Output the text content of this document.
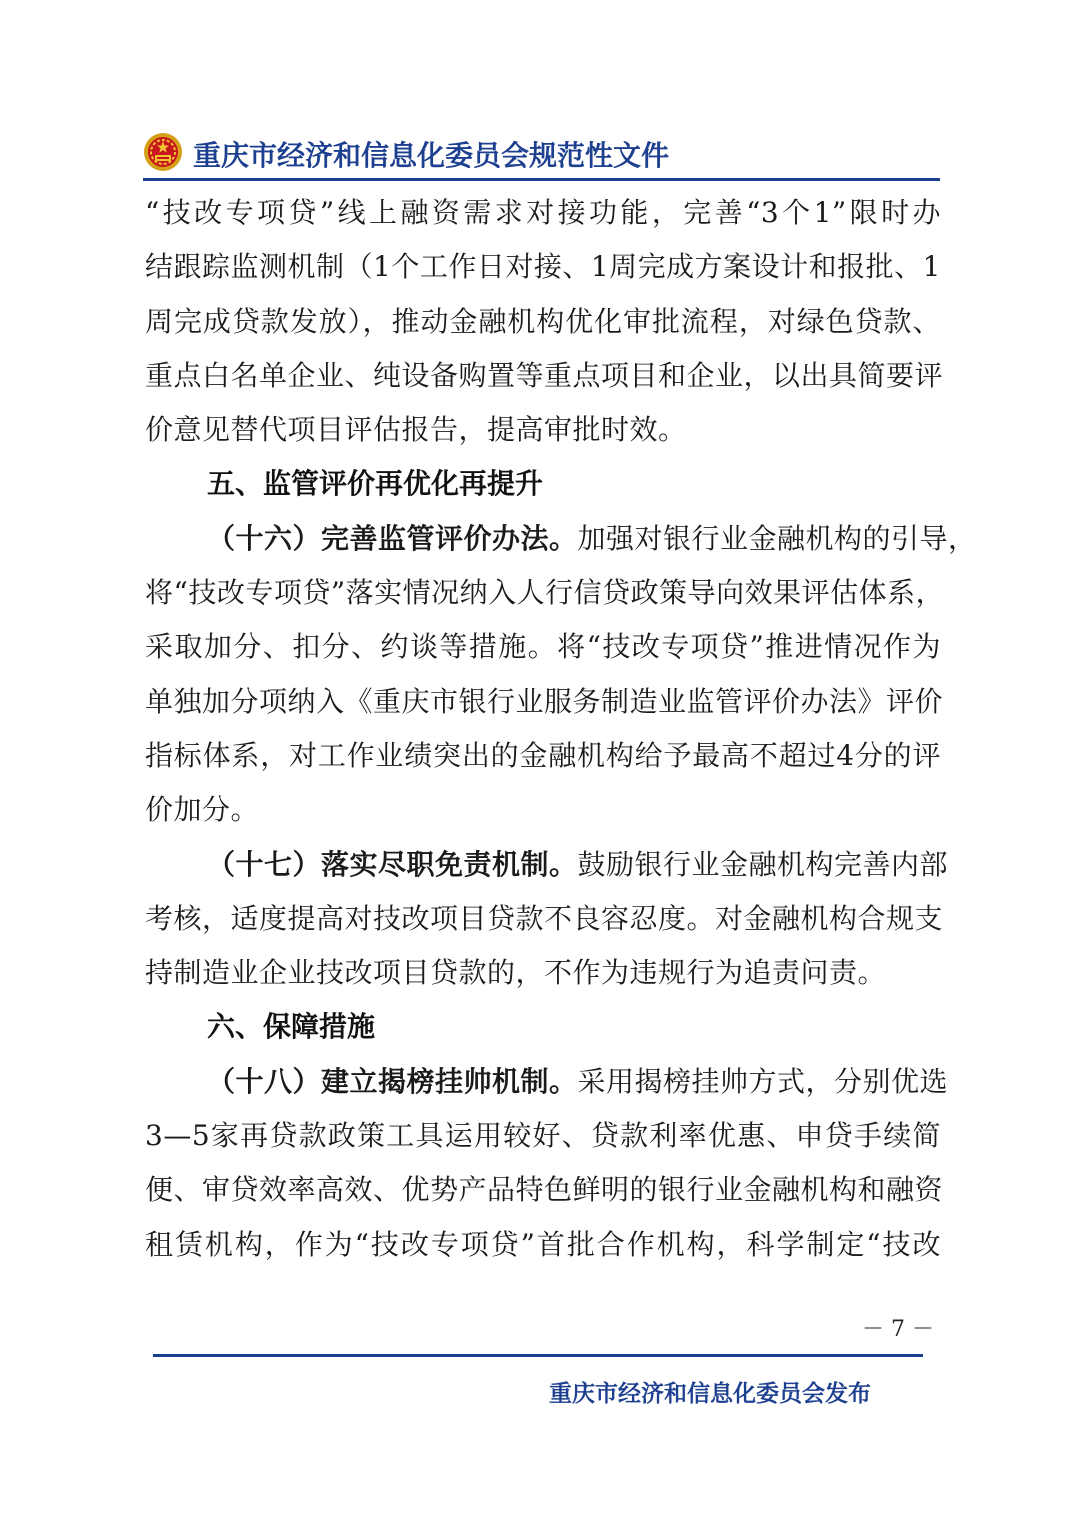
重庆市经济和信息化委员会规范性文件
“技改专项贷”线上融资需求对接功能，完善“3个1”限时办
结跟踪监测机制（1个工作日对接、1周完成方案设计和报批、1
周完成贷款发放），推动金融机构优化审批流程，对绿色贷款、
重点白名单企业、纯设备购置等重点项目和企业，以出具简要评
价意见替代项目评估报告，提高审批时效。
五、监管评价再优化再提升
（十六）完善监管评价办法。加强对银行业金融机构的引导，
将“技改专项贷”落实情况纳入人行信贷政策导向效果评估体系，
采取加分、扣分、约谈等措施。将“技改专项贷”推进情况作为
单独加分项纳入《重庆市银行业服务制造业监管评价办法》评价
指标体系，对工作业绩突出的金融机构给予最高不超过4分的评
价加分。
（十七）落实尽职免责机制。鼓励银行业金融机构完善内部
考核，适度提高对技改项目贷款不良容忍度。对金融机构合规支
持制造业企业技改项目贷款的，不作为违规行为追责问责。
六、保障措施
（十八）建立揭榜挂帅机制。采用揭榜挂帅方式，分别优选
3—5家再贷款政策工具运用较好、贷款利率优惠、申贷手续简
便、审贷效率高效、优势产品特色鲜明的银行业金融机构和融资
租赁机构，作为“技改专项贷”首批合作机构，科学制定“技改
－ 7 －
重庆市经济和信息化委员会发布
